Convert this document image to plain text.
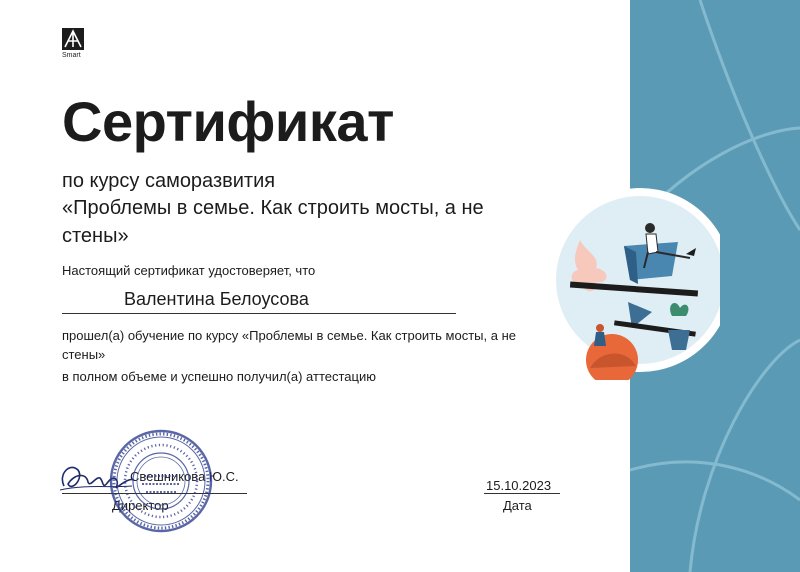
Smart
Сертификат
по курсу саморазвития
«Проблемы в семье. Как строить мосты, а не стены»
Настоящий сертификат удостоверяет, что
Валентина Белоусова
прошел(а) обучение по курсу «Проблемы в семье. Как строить мосты, а не стены»
в полном объеме и успешно получил(а) аттестацию
Свешникова Ю.С.
Директор
15.10.2023
Дата
